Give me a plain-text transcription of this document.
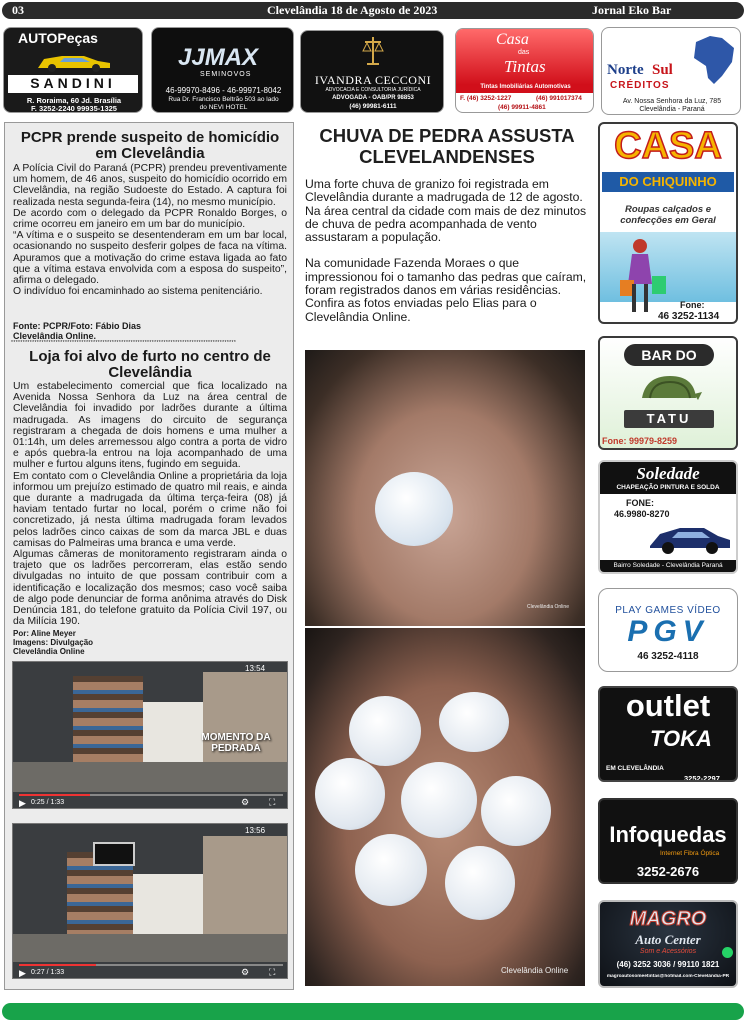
03	Clevelândia 18 de Agosto de 2023	Jornal Eko Bar
AUTOPeças
SANDINI
R. Roraima, 60 Jd. Brasília
F. 3252-2240 99935-1325
JJMAX
SEMINOVOS
46-99970-8496 - 46-99971-8042
Rua Dr. Francisco Beltrão 503 ao lado
do NEVI HOTEL
IVANDRA CECCONI
ADVOCACIA E CONSULTORIA JURÍDICA
ADVOGADA - OAB/PR 98853
(46) 99981-6111
Casa
das
Tintas
Tintas Imobiliárias Automotivas
F. (46) 3252-1227	(46) 991017374
(46) 99911-4861
Norte Sul
CRÉDITOS
Av. Nossa Senhora da Luz, 785
Clevelândia - Paraná
PCPR prende suspeito de homicídio em Clevelândia

A Polícia Civil do Paraná (PCPR) prendeu preventivamente um homem, de 46 anos, suspeito do homicídio ocorrido em Clevelândia, na região Sudoeste do Estado. A captura foi realizada nesta segunda-feira (14), no mesmo município.

De acordo com o delegado da PCPR Ronaldo Borges, o crime ocorreu em janeiro em um bar do município.

“A vítima e o suspeito se desentenderam em um bar local, ocasionando no suspeito desferir golpes de faca na vítima. Apuramos que a motivação do crime estava ligada ao fato que a vítima estava envolvida com a esposa do suspeito”, afirma o delegado.

O indivíduo foi encaminhado ao sistema penitenciário.

Fonte: PCPR/Foto: Fábio Dias
Clevelândia Online.
************************************************************************************************
Loja foi alvo de furto no centro de Clevelândia

Um estabelecimento comercial que fica localizado na Avenida Nossa Senhora da Luz na área central de Clevelândia foi invadido por ladrões durante a última madrugada. As imagens do circuito de segurança registraram a chegada de dois homens e uma mulher a 01:14h, um deles arremessou algo contra a porta de vidro e após quebra-la entrou na loja acompanhado de uma mulher e furtou alguns itens, fugindo em seguida.

Em contato com o Clevelândia Online a proprietária da loja informou um prejuízo estimado de quatro mil reais, e ainda que durante a madrugada da última terça-feira (08) já haviam tentado furtar no local, porém o crime não foi concretizado, já nesta última madrugada foram levados pelos ladrões cinco caixas de som da marca JBL e duas camisas do Palmeiras uma branca e uma verde.

Algumas câmeras de monitoramento registraram ainda o trajeto que os ladrões percorreram, elas estão sendo divulgadas no intuito de que possam contribuir com a identificação e localização dos mesmos; caso você saiba de algo pode denunciar de forma anônima através do Disk Denúncia 181, do telefone gratuito da Polícia Civil 197, ou da Milícia 190.

Por: Aline Meyer
Imagens: Divulgação
Clevelândia Online
MOMENTO DA PEDRADA
13:54
▶ 0:25 / 1:33	⚙ ⛶
13:56
▶ 0:27 / 1:33	⚙ ⛶
CHUVA DE PEDRA ASSUSTA CLEVELANDENSES

Uma forte chuva de granizo foi registrada em Clevelândia durante a madrugada de 12 de agosto. Na área central da cidade com mais de dez minutos de chuva de pedra acompanhada de vento assustaram a população.

Na comunidade Fazenda Moraes o que impressionou foi o tamanho das pedras que caíram, foram registrados danos em várias residências. Confira as fotos enviadas pelo Elias para o Clevelândia Online.

Clevelândia Online
Clevelândia Online
CASA
DO CHIQUINHO
Roupas calçados e confecções em Geral
Fone:
46 3252-1134
BAR DO
TATU
Fone: 99979-8259
Soledade
CHAPEAÇÃO PINTURA E SOLDA
FONE:
46.9980-8270
Bairro Soledade - Clevelândia Paraná
PLAY GAMES VÍDEO
PGV
46 3252-4118
outlet
TOKA
EM CLEVELÂNDIA
3252-2297
Infoquedas
Internet Fibra Óptica
3252-2676
MAGRO
Auto Center
Som e Acessórios
(46) 3252 3036 / 99110 1821
magroautosomeetintas@hotmail.com-Clevelândia-PR
